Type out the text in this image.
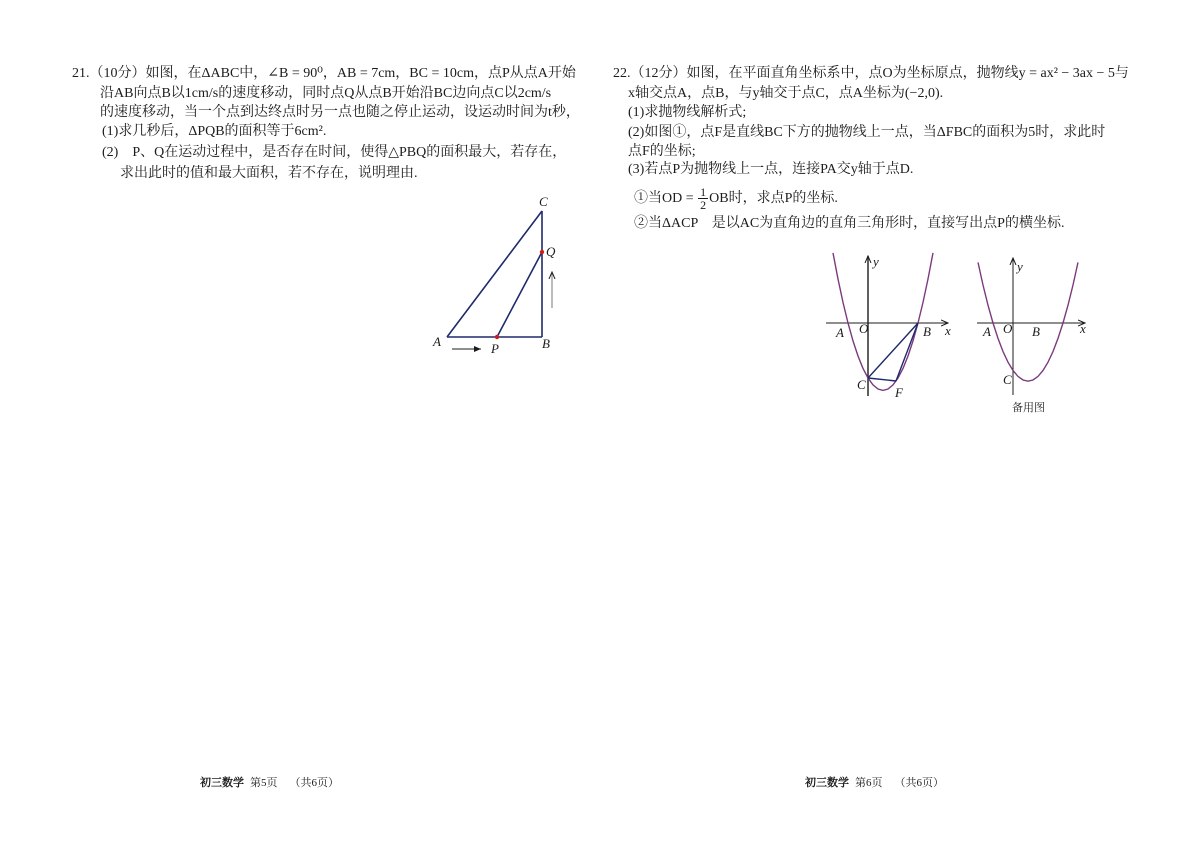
21.（10分）如图，在ΔABC中，∠B = 90⁰，AB = 7cm，BC = 10cm，点P从点A开始
沿AB向点B以1cm/s的速度移动，同时点Q从点B开始沿BC边向点C以2cm/s
的速度移动，当一个点到达终点时另一点也随之停止运动，设运动时间为t秒，
(1)求几秒后，ΔPQB的面积等于6cm².
(2)　P、Q在运动过程中，是否存在时间，使得△PBQ的面积最大，若存在，
求出此时的值和最大面积，若不存在，说明理由.
初三数学 第5页 （共6页）
22.（12分）如图，在平面直角坐标系中，点O为坐标原点，抛物线y = ax² − 3ax − 5与
x轴交点A，点B，与y轴交于点C，点A坐标为(−2,0).
(1)求抛物线解析式;
(2)如图①，点F是直线BC下方的抛物线上一点，当ΔFBC的面积为5时，求此时
点F的坐标;
(3)若点P为抛物线上一点，连接PA交y轴于点D.
①当OD = $\frac{1}{2}$ OB时，求点P的坐标.
②当ΔACP　是以AC为直角边的直角三角形时，直接写出点P的横坐标.
初三数学 第6页 （共6页）
C
Q
A	P	B
y
x
A O	B
C
F
y
x
A O B
C
备用图
